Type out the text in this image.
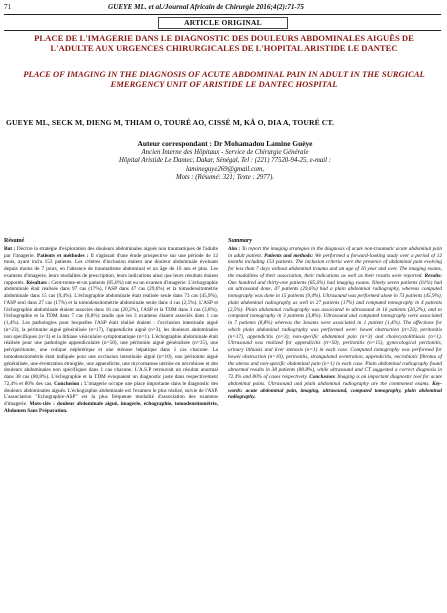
71	GUEYE ML. et al./Journal Africain de Chirurgie 2016;4(2):71-75
ARTICLE ORIGINAL
PLACE DE L'IMAGERIE DANS LE DIAGNOSTIC DES DOULEURS ABDOMINALES AIGUËS DE L'ADULTE AUX URGENCES CHIRURGICALES DE L'HOPITAL ARISTIDE LE DANTEC
PLACE OF IMAGING IN THE DIAGNOSIS OF ACUTE ABDOMINAL PAIN IN ADULT IN THE SURGICAL EMERGENCY UNIT OF ARISTIDE LE DANTEC HOSPITAL
GUEYE ML, SECK M, DIENG M, THIAM O, TOURÉ AO, CISSÉ M, KÂ O, DIA A, TOURÉ CT.
Auteur correspondant : Dr Mohamadou Lamine Guèye
Ancien Interne des Hôpitaux - Service de Chirurgie Générale
Hôpital Aristide Le Dantec, Dakar, Sénégal, Tel : (221) 77520-94-25, e-mail :
lamineguye269@gmail.com,
Mots : (Résumé: 321; Texte : 2977).
Résumé

But : Décrire la stratégie d'exploration des douleurs abdominales aiguës non traumatiques de l'adulte par l'imagerie. Patients et méthodes : Il s'agissait d'une étude prospective sur une période de 12 mois, ayant inclu 153 patients. Les critères d'inclusion étaient une douleur abdominale évoluant depuis moins de 7 jours, en l'absence de traumatisme abdominal et un âge de 16 ans et plus. Les examens d'imagerie, leurs modalités de prescription, leurs indications ainsi que leurs résultats étaient rapportés. Résultats : Cent-trente-et-un patients (85,6%) ont eu un examen d'imagerie. L'échographie abdominale était réalisée dans 97 cas (17%), l'ASP dans 47 cas (29,6%) et la tomodensitométrie abdominale dans 15 cas (9,4%). L'échographie abdominale était réalisée seule dans 73 cas (45,9%), l'ASP seul dans 27 cas (17%) et la tomodensitométrie abdominale seule dans 4 cas (2,5%). L'ASP et l'échographie abdominale étaient associés dans 16 cas (20,2%), l'ASP et la TDM dans 3 cas (3,8%), l'échographie et la TDM dans 7 cas (8,8%) tandis que les 3 examens étaient associés dans 1 cas (1,4%). Les pathologies pour lesquelles l'ASP était réalisé étaient : l'occlusion intestinale aiguë (n=23), la péritonite aiguë généralisée (n=17), l'appendicite aiguë (n=3), les douleurs abdominales non spécifiques (n=3) et la lithiase vésiculaire symptomatique (n=1). L'échographie abdominale était réalisée pour une pathologie appendiculaire (n=50), une péritonite aiguë généralisée (n=15), une pelvipéritonite, une colique néphrétique et une sténose hépatique dans 1 cas chacune. La tomodensitométrie était indiquée pour une occlusion intestinale aiguë (n=10), une péritonite aiguë généralisée, une éventration étranglée, une appendicite, une mycomatose utérine en nécrobiose et des douleurs abdominales non spécifiques dans 1 cas chacune. L'A.S.P retrouvait un résultat anormal dans 38 cas (80,8%). L'échographie et la TDM évoquaient un diagnostic juste dans respectivement 72,4% et 80% des cas. Conclusion : L'imagerie occupe une place importante dans le diagnostic des douleurs abdominales aiguës. L'échographie abdominale est l'examen le plus réalisé, suivie de l'ASP. L'association "Echographie-ASP" est la plus fréquente modalité d'association des examens d'imagerie. Mots-clés : douleur abdominale aiguë, imagerie, échographie, tomodensitométrie, Abdomen Sans Préparation.

Summary

Aim : To report the imaging strategies in the diagnosis of acute non-traumatic acute abdominal pain in adult patient. Patients and methods: We performed a forward-looking study over a period of 12 months including 153 patients. The inclusion criteria were the presence of abdominal pain evolving for less than 7 days without abdominal trauma and an age of 16 year and over. The imaging exams, the modalities of their association, their indications as well as their results were reported. Results: One hundred and thirty-one patients (85,6%) had imaging exams. Ninety seven patients (61%) had an ultrasound done, 47 patients (29,6%) had a plain abdominal radiography, whereas computed tomography was done in 15 patients (9,4%). Ultrasound was performed alone in 73 patients (45,9%), plain abdominal radiography as well in 27 patients (17%) and computed tomography in 4 patients (2,5%). Plain abdominal radiography was associated to ultrasound in 16 patients (20,2%), and to computed tomography in 3 patients (3,8%). Ultrasound and computed tomography were associated in 7 patients (8,8%) whereas the 3exams were associated in 1 patient (1,4%). The affections for which plain abdominal radiography was performed were: bowel obstruction (n=23), peritonitis (n=17), appendicitis (n=3), non-specific abdominal pain (n=3) and cholecystolithiasis (n=1). Ultrasound was realized for appendicitis (n=50), peritonitis (n=15), gynecological peritonitis, urinary lithiasis and liver stenosis (n=1) in each case. Computed tomography was performed for bowel obstruction (n=10), peritonitis, strangulated eventration, appendicitis, necrobiotic fibroma of the uterus and non-specific abdominal pain (n=1) in each case. Plain abdominal radiography found abnormal results in 38 patients (80.8%), while ultrasound and CT suggested a correct diagnosis in 72.4% and 80% of cases respectively. Conclusion: Imaging is an important diagnostic tool for acute abdominal pains. Ultrasound and plain abdominal radiography are the commonest exams. Key-words: acute abdominal pain, imaging, ultrasound, computed tomography, plain abdominal radiography.
